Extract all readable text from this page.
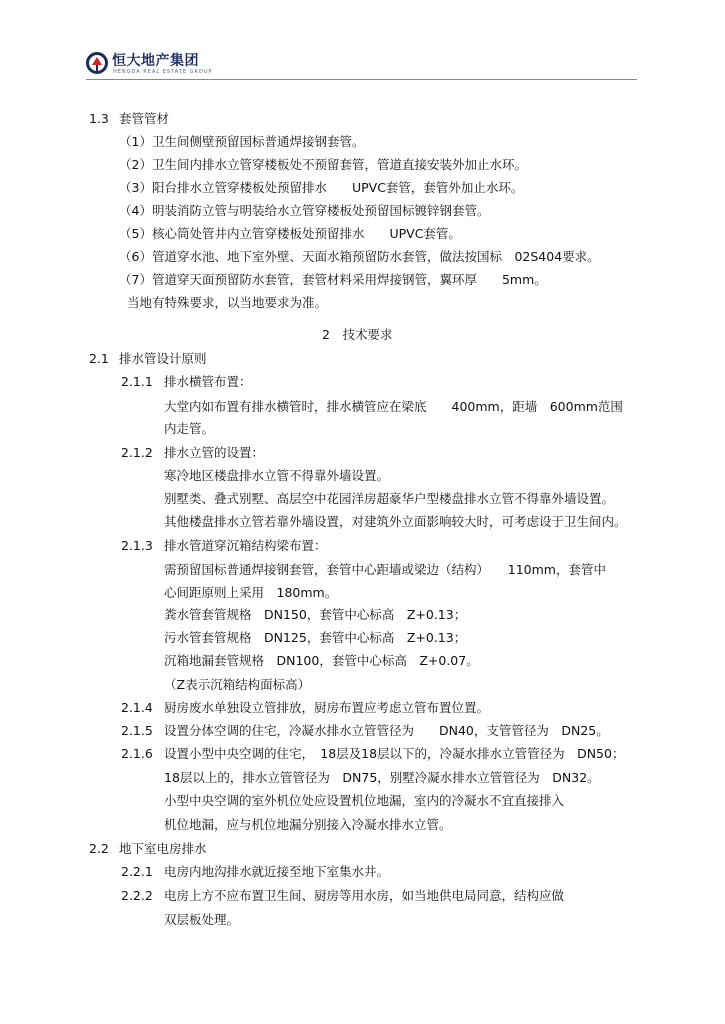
恒大地产集团
HENGDA REAL ESTATE GROUP
1.3 套管管材
（1）卫生间侧壁预留国标普通焊接钢套管。
（2）卫生间内排水立管穿楼板处不预留套管，管道直接安装外加止水环。
（3）阳台排水立管穿楼板处预留排水　　UPVC套管，套管外加止水环。
（4）明装消防立管与明装给水立管穿楼板处预留国标镀锌钢套管。
（5）核心筒处管井内立管穿楼板处预留排水　　UPVC套管。
（6）管道穿水池、地下室外壁、天面水箱预留防水套管，做法按国标　02S404要求。
（7）管道穿天面预留防水套管，套管材料采用焊接钢管，翼环厚　　5mm。
当地有特殊要求，以当地要求为准。
2　技术要求
2.1 排水管设计原则
2.1.1 排水横管布置：
大堂内如布置有排水横管时，排水横管应在梁底　　400mm，距墙　600mm范围
内走管。
2.1.2 排水立管的设置：
寒冷地区楼盘排水立管不得靠外墙设置。
别墅类、叠式别墅、高层空中花园洋房超豪华户型楼盘排水立管不得靠外墙设置。
其他楼盘排水立管若靠外墙设置，对建筑外立面影响较大时，可考虑设于卫生间内。
2.1.3 排水管道穿沉箱结构梁布置：
需预留国标普通焊接钢套管，套管中心距墙或梁边（结构）　　110mm，套管中
心间距原则上采用　180mm。
粪水管套管规格　DN150，套管中心标高　Z+0.13；
污水管套管规格　DN125，套管中心标高　Z+0.13；
沉箱地漏套管规格　DN100，套管中心标高　Z+0.07。
（Z表示沉箱结构面标高）
2.1.4 厨房废水单独设立管排放，厨房布置应考虑立管布置位置。
2.1.5 设置分体空调的住宅，冷凝水排水立管管径为　　DN40，支管管径为　DN25。
2.1.6 设置小型中央空调的住宅，　18层及18层以下的，冷凝水排水立管管径为　DN50；
18层以上的，排水立管管径为　DN75，别墅冷凝水排水立管管径为　DN32。
小型中央空调的室外机位处应设置机位地漏，室内的冷凝水不宜直接排入
机位地漏，应与机位地漏分别接入冷凝水排水立管。
2.2 地下室电房排水
2.2.1 电房内地沟排水就近接至地下室集水井。
2.2.2 电房上方不应布置卫生间、厨房等用水房，如当地供电局同意，结构应做
双层板处理。
